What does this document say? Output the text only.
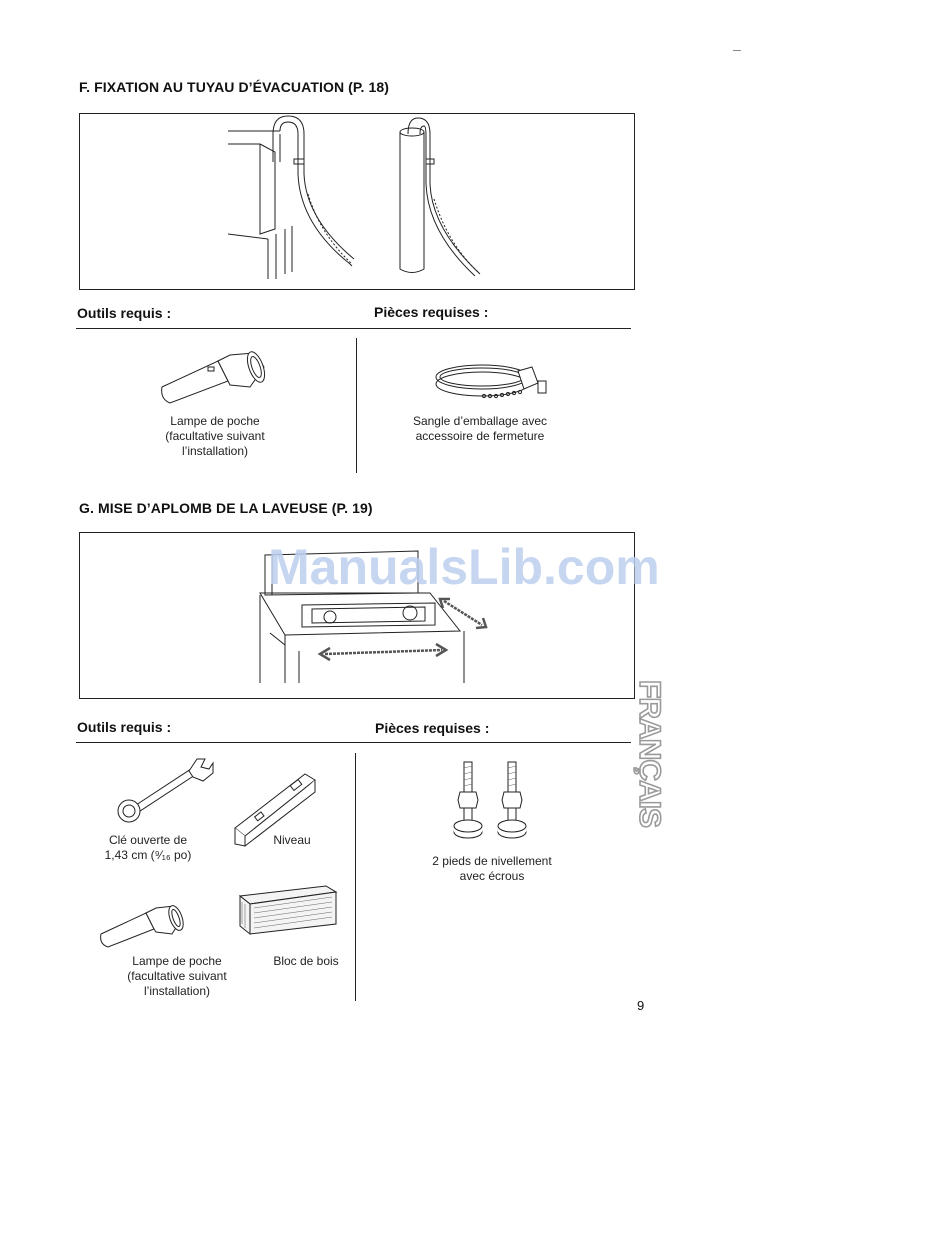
F. FIXATION AU TUYAU D’ÉVACUATION (P. 18)
Outils requis :	Pièces requises :
Lampe de poche
(facultative suivant
l’installation)
Sangle d’emballage avec
accessoire de fermeture
G. MISE D’APLOMB DE LA LAVEUSE (P. 19)
ManualsLib.com
Outils requis :	Pièces requises :
Clé ouverte de
1,43 cm (⁹⁄₁₆ po)
Niveau
Lampe de poche
(facultative suivant
l’installation)
Bloc de bois
2 pieds de nivellement
avec écrous
FRANÇAIS
9
